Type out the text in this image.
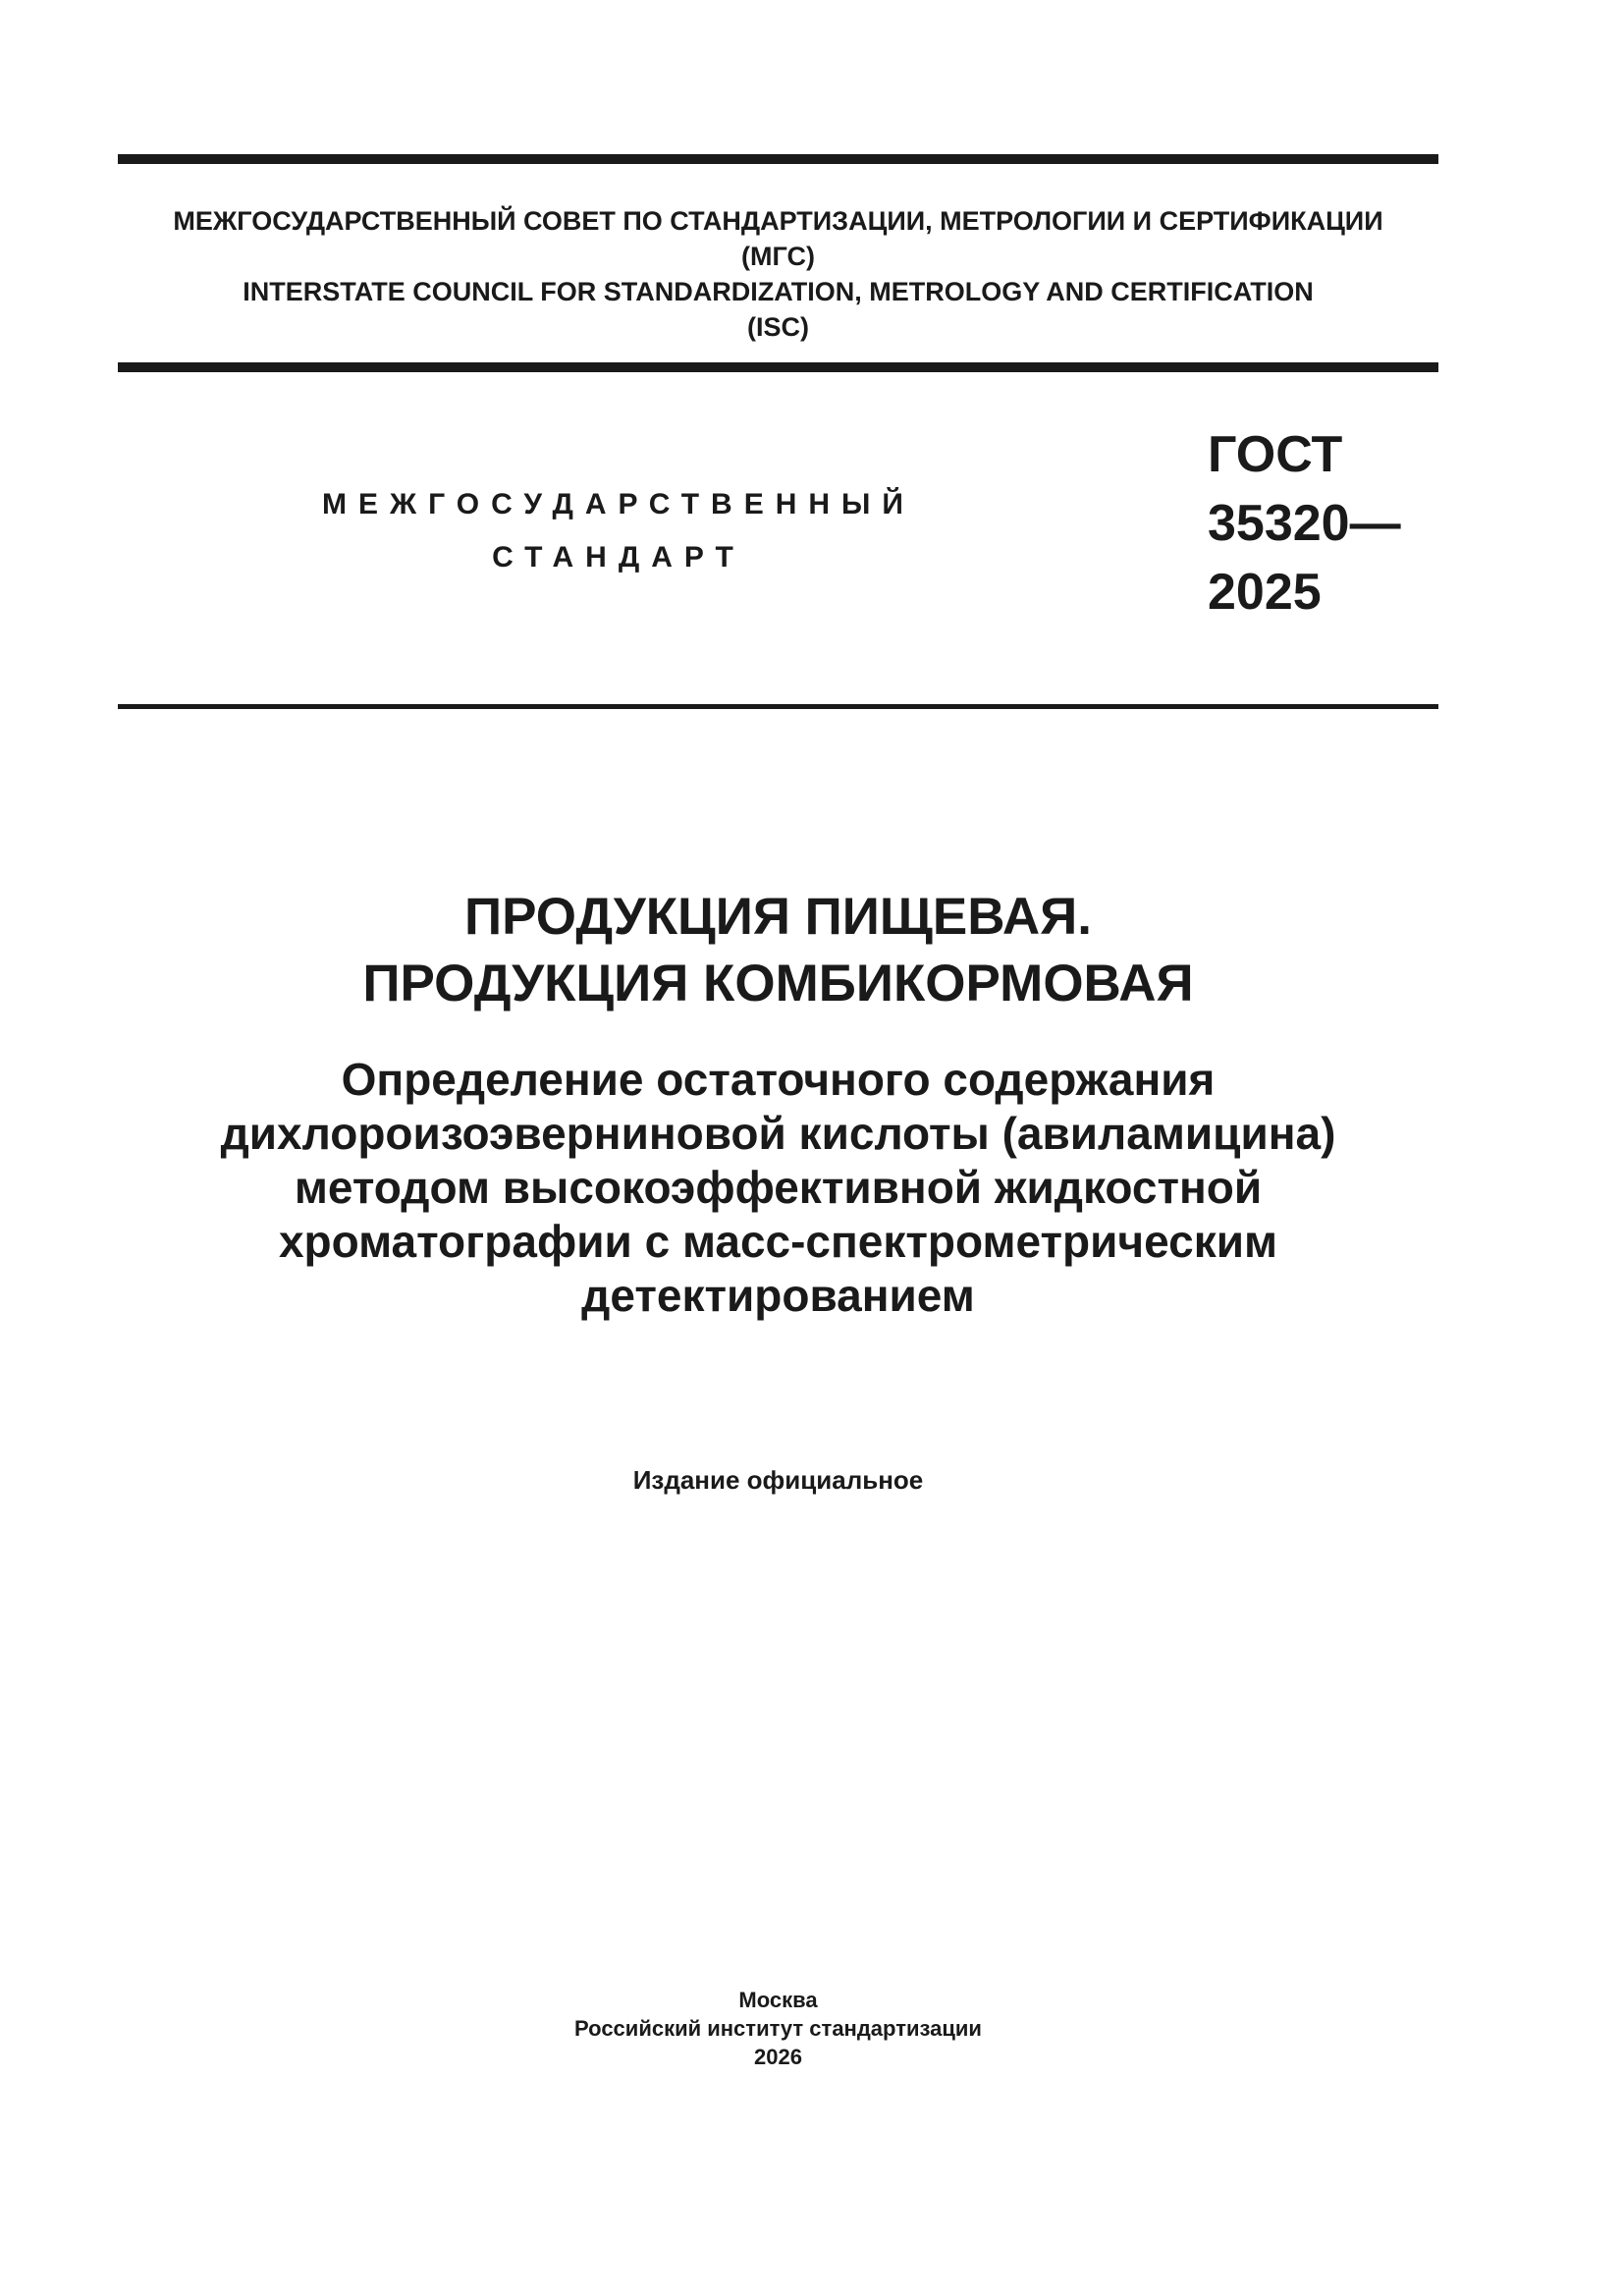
МЕЖГОСУДАРСТВЕННЫЙ СОВЕТ ПО СТАНДАРТИЗАЦИИ, МЕТРОЛОГИИ И СЕРТИФИКАЦИИ
(МГС)
INTERSTATE COUNCIL FOR STANDARDIZATION, METROLOGY AND CERTIFICATION
(ISC)
МЕЖГОСУДАРСТВЕННЫЙ
СТАНДАРТ
ГОСТ
35320—
2025
ПРОДУКЦИЯ ПИЩЕВАЯ.
ПРОДУКЦИЯ КОМБИКОРМОВАЯ
Определение остаточного содержания
дихлороизоэверниновой кислоты (авиламицина)
методом высокоэффективной жидкостной
хроматографии с масс-спектрометрическим
детектированием
Издание официальное
Москва
Российский институт стандартизации
2026
